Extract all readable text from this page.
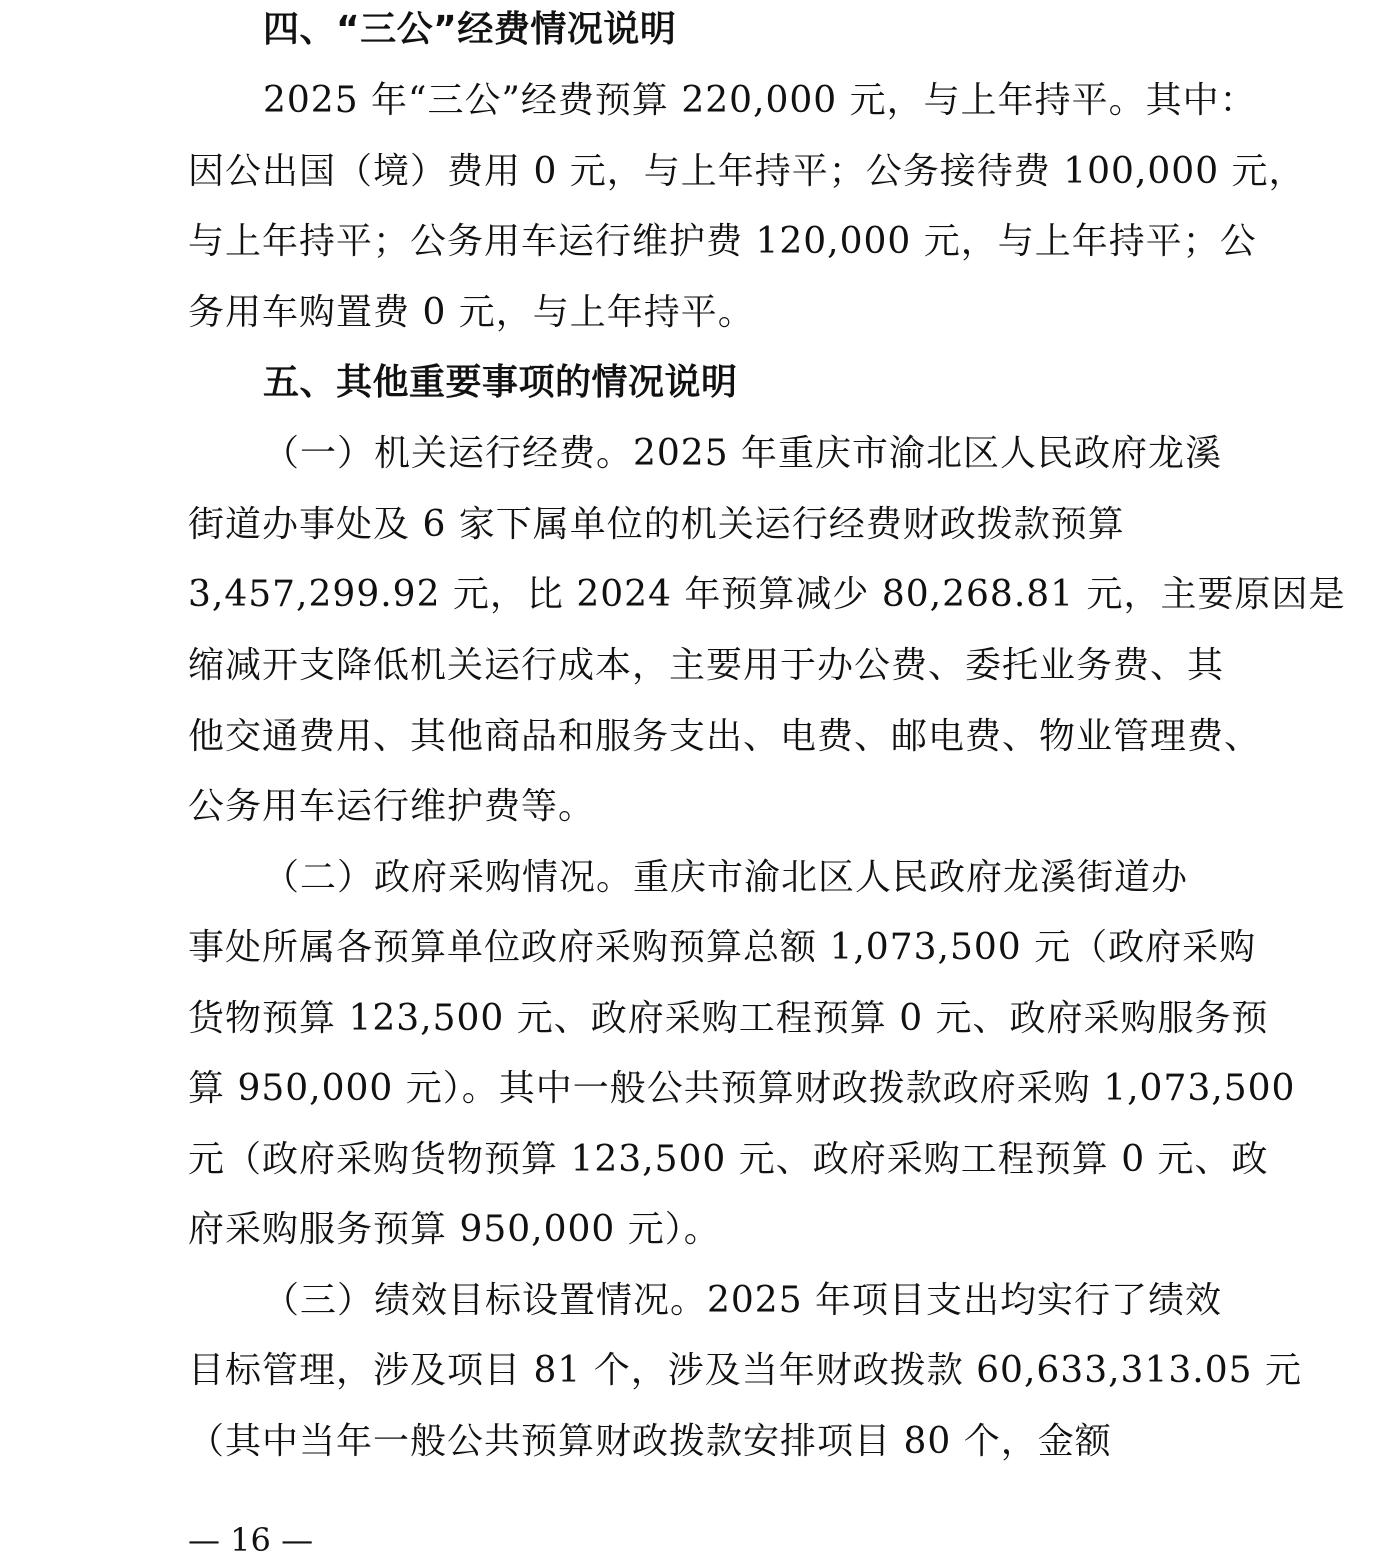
四、“三公”经费情况说明
2025 年“三公”经费预算 220,000 元，与上年持平。其中：
因公出国（境）费用 0 元，与上年持平；公务接待费 100,000 元，
与上年持平；公务用车运行维护费 120,000 元，与上年持平；公
务用车购置费 0 元，与上年持平。
五、其他重要事项的情况说明
（一）机关运行经费。2025 年重庆市渝北区人民政府龙溪
街道办事处及 6 家下属单位的机关运行经费财政拨款预算
3,457,299.92 元，比 2024 年预算减少 80,268.81 元，主要原因是
缩减开支降低机关运行成本，主要用于办公费、委托业务费、其
他交通费用、其他商品和服务支出、电费、邮电费、物业管理费、
公务用车运行维护费等。
（二）政府采购情况。重庆市渝北区人民政府龙溪街道办
事处所属各预算单位政府采购预算总额 1,073,500 元（政府采购
货物预算 123,500 元、政府采购工程预算 0 元、政府采购服务预
算 950,000 元）。其中一般公共预算财政拨款政府采购 1,073,500
元（政府采购货物预算 123,500 元、政府采购工程预算 0 元、政
府采购服务预算 950,000 元）。
（三）绩效目标设置情况。2025 年项目支出均实行了绩效
目标管理，涉及项目 81 个，涉及当年财政拨款 60,633,313.05 元
（其中当年一般公共预算财政拨款安排项目 80 个，金额
— 16 —
